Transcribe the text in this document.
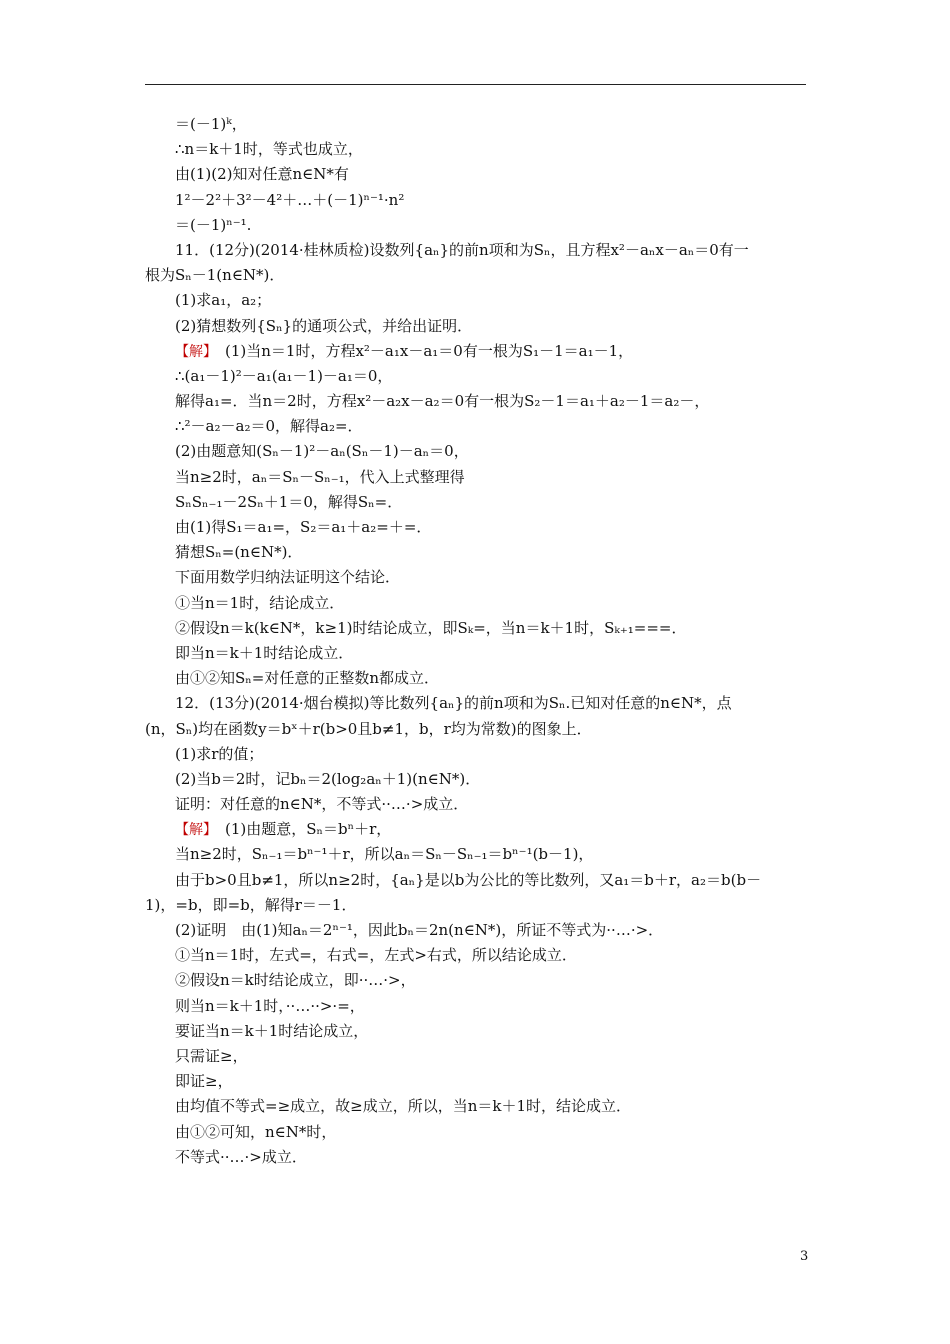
＝(－1)ᵏ，
∴n＝k＋1时，等式也成立，
由(1)(2)知对任意n∈N*有
1²－2²＋3²－4²＋…＋(－1)ⁿ⁻¹·n²
＝(－1)ⁿ⁻¹.
11．(12分)(2014·桂林质检)设数列{aₙ}的前n项和为Sₙ，且方程x²－aₙx－aₙ＝0有一
根为Sₙ－1(n∈N*)．
(1)求a₁，a₂；
(2)猜想数列{Sₙ}的通项公式，并给出证明．
【解】　(1)当n＝1时，方程x²－a₁x－a₁＝0有一根为S₁－1＝a₁－1，
∴(a₁－1)²－a₁(a₁－1)－a₁＝0，
解得a₁=．当n＝2时，方程x²－a₂x－a₂＝0有一根为S₂－1＝a₁＋a₂－1＝a₂－，
∴²－a₂－a₂＝0，解得a₂=．
(2)由题意知(Sₙ－1)²－aₙ(Sₙ－1)－aₙ＝0，
当n≥2时，aₙ＝Sₙ－Sₙ₋₁，代入上式整理得
SₙSₙ₋₁－2Sₙ＋1＝0，解得Sₙ=．
由(1)得S₁＝a₁=，S₂＝a₁＋a₂=＋=．
猜想Sₙ=(n∈N*)．
下面用数学归纳法证明这个结论．
①当n＝1时，结论成立．
②假设n＝k(k∈N*，k≥1)时结论成立，即Sₖ=，当n＝k＋1时，Sₖ₊₁===．
即当n＝k＋1时结论成立．
由①②知Sₙ=对任意的正整数n都成立．
12．(13分)(2014·烟台模拟)等比数列{aₙ}的前n项和为Sₙ.已知对任意的n∈N*，点
(n，Sₙ)均在函数y＝bˣ＋r(b>0且b≠1，b，r均为常数)的图象上．
(1)求r的值；
(2)当b＝2时，记bₙ＝2(log₂aₙ＋1)(n∈N*)．
证明：对任意的n∈N*，不等式··…·>成立．
【解】　(1)由题意，Sₙ＝bⁿ＋r，
当n≥2时，Sₙ₋₁＝bⁿ⁻¹＋r，所以aₙ＝Sₙ－Sₙ₋₁＝bⁿ⁻¹(b－1)，
由于b>0且b≠1，所以n≥2时，{aₙ}是以b为公比的等比数列，又a₁＝b＋r，a₂＝b(b－
1)，=b，即=b，解得r＝－1．
(2)证明　由(1)知aₙ＝2ⁿ⁻¹，因此bₙ＝2n(n∈N*)，所证不等式为··…·>．
①当n＝1时，左式=，右式=，左式>右式，所以结论成立．
②假设n＝k时结论成立，即··…·>，
则当n＝k＋1时，··…··>·=，
要证当n＝k＋1时结论成立，
只需证≥，
即证≥，
由均值不等式=≥成立，故≥成立，所以，当n＝k＋1时，结论成立．
由①②可知，n∈N*时，
不等式··…·>成立．
3
